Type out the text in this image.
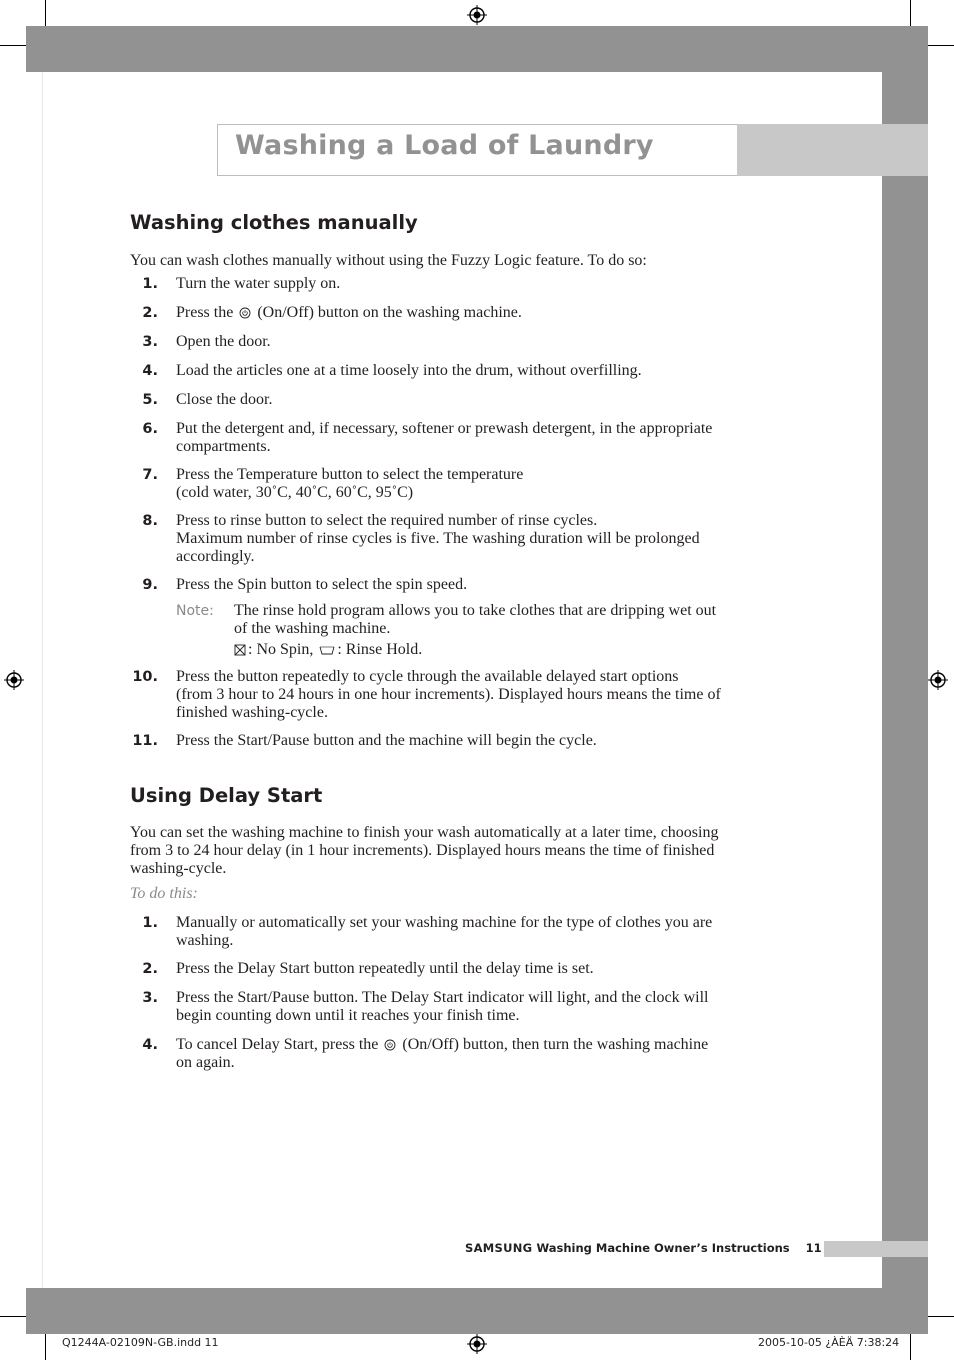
Washing a Load of Laundry
Washing clothes manually
You can wash clothes manually without using the Fuzzy Logic feature. To do so:
1. Turn the water supply on.
2. Press the (On/Off) button on the washing machine.
3. Open the door.
4. Load the articles one at a time loosely into the drum, without overfilling.
5. Close the door.
6. Put the detergent and, if necessary, softener or prewash detergent, in the appropriate
compartments.
7. Press the Temperature button to select the temperature
(cold water, 30˚C, 40˚C, 60˚C, 95˚C)
8. Press to rinse button to select the required number of rinse cycles.
Maximum number of rinse cycles is five. The washing duration will be prolonged
accordingly.
9. Press the Spin button to select the spin speed.
Note: The rinse hold program allows you to take clothes that are dripping wet out
of the washing machine.
: No Spin, : Rinse Hold.
10. Press the button repeatedly to cycle through the available delayed start options
(from 3 hour to 24 hours in one hour increments). Displayed hours means the time of
finished washing-cycle.
11. Press the Start/Pause button and the machine will begin the cycle.
Using Delay Start
You can set the washing machine to finish your wash automatically at a later time, choosing
from 3 to 24 hour delay (in 1 hour increments). Displayed hours means the time of finished
washing-cycle.
To do this:
1. Manually or automatically set your washing machine for the type of clothes you are
washing.
2. Press the Delay Start button repeatedly until the delay time is set.
3. Press the Start/Pause button. The Delay Start indicator will light, and the clock will
begin counting down until it reaches your finish time.
4. To cancel Delay Start, press the (On/Off) button, then turn the washing machine
on again.
SAMSUNG Washing Machine Owner’s Instructions 11
Q1244A-02109N-GB.indd 11	2005-10-05 ¿ÀÈÄ 7:38:24
